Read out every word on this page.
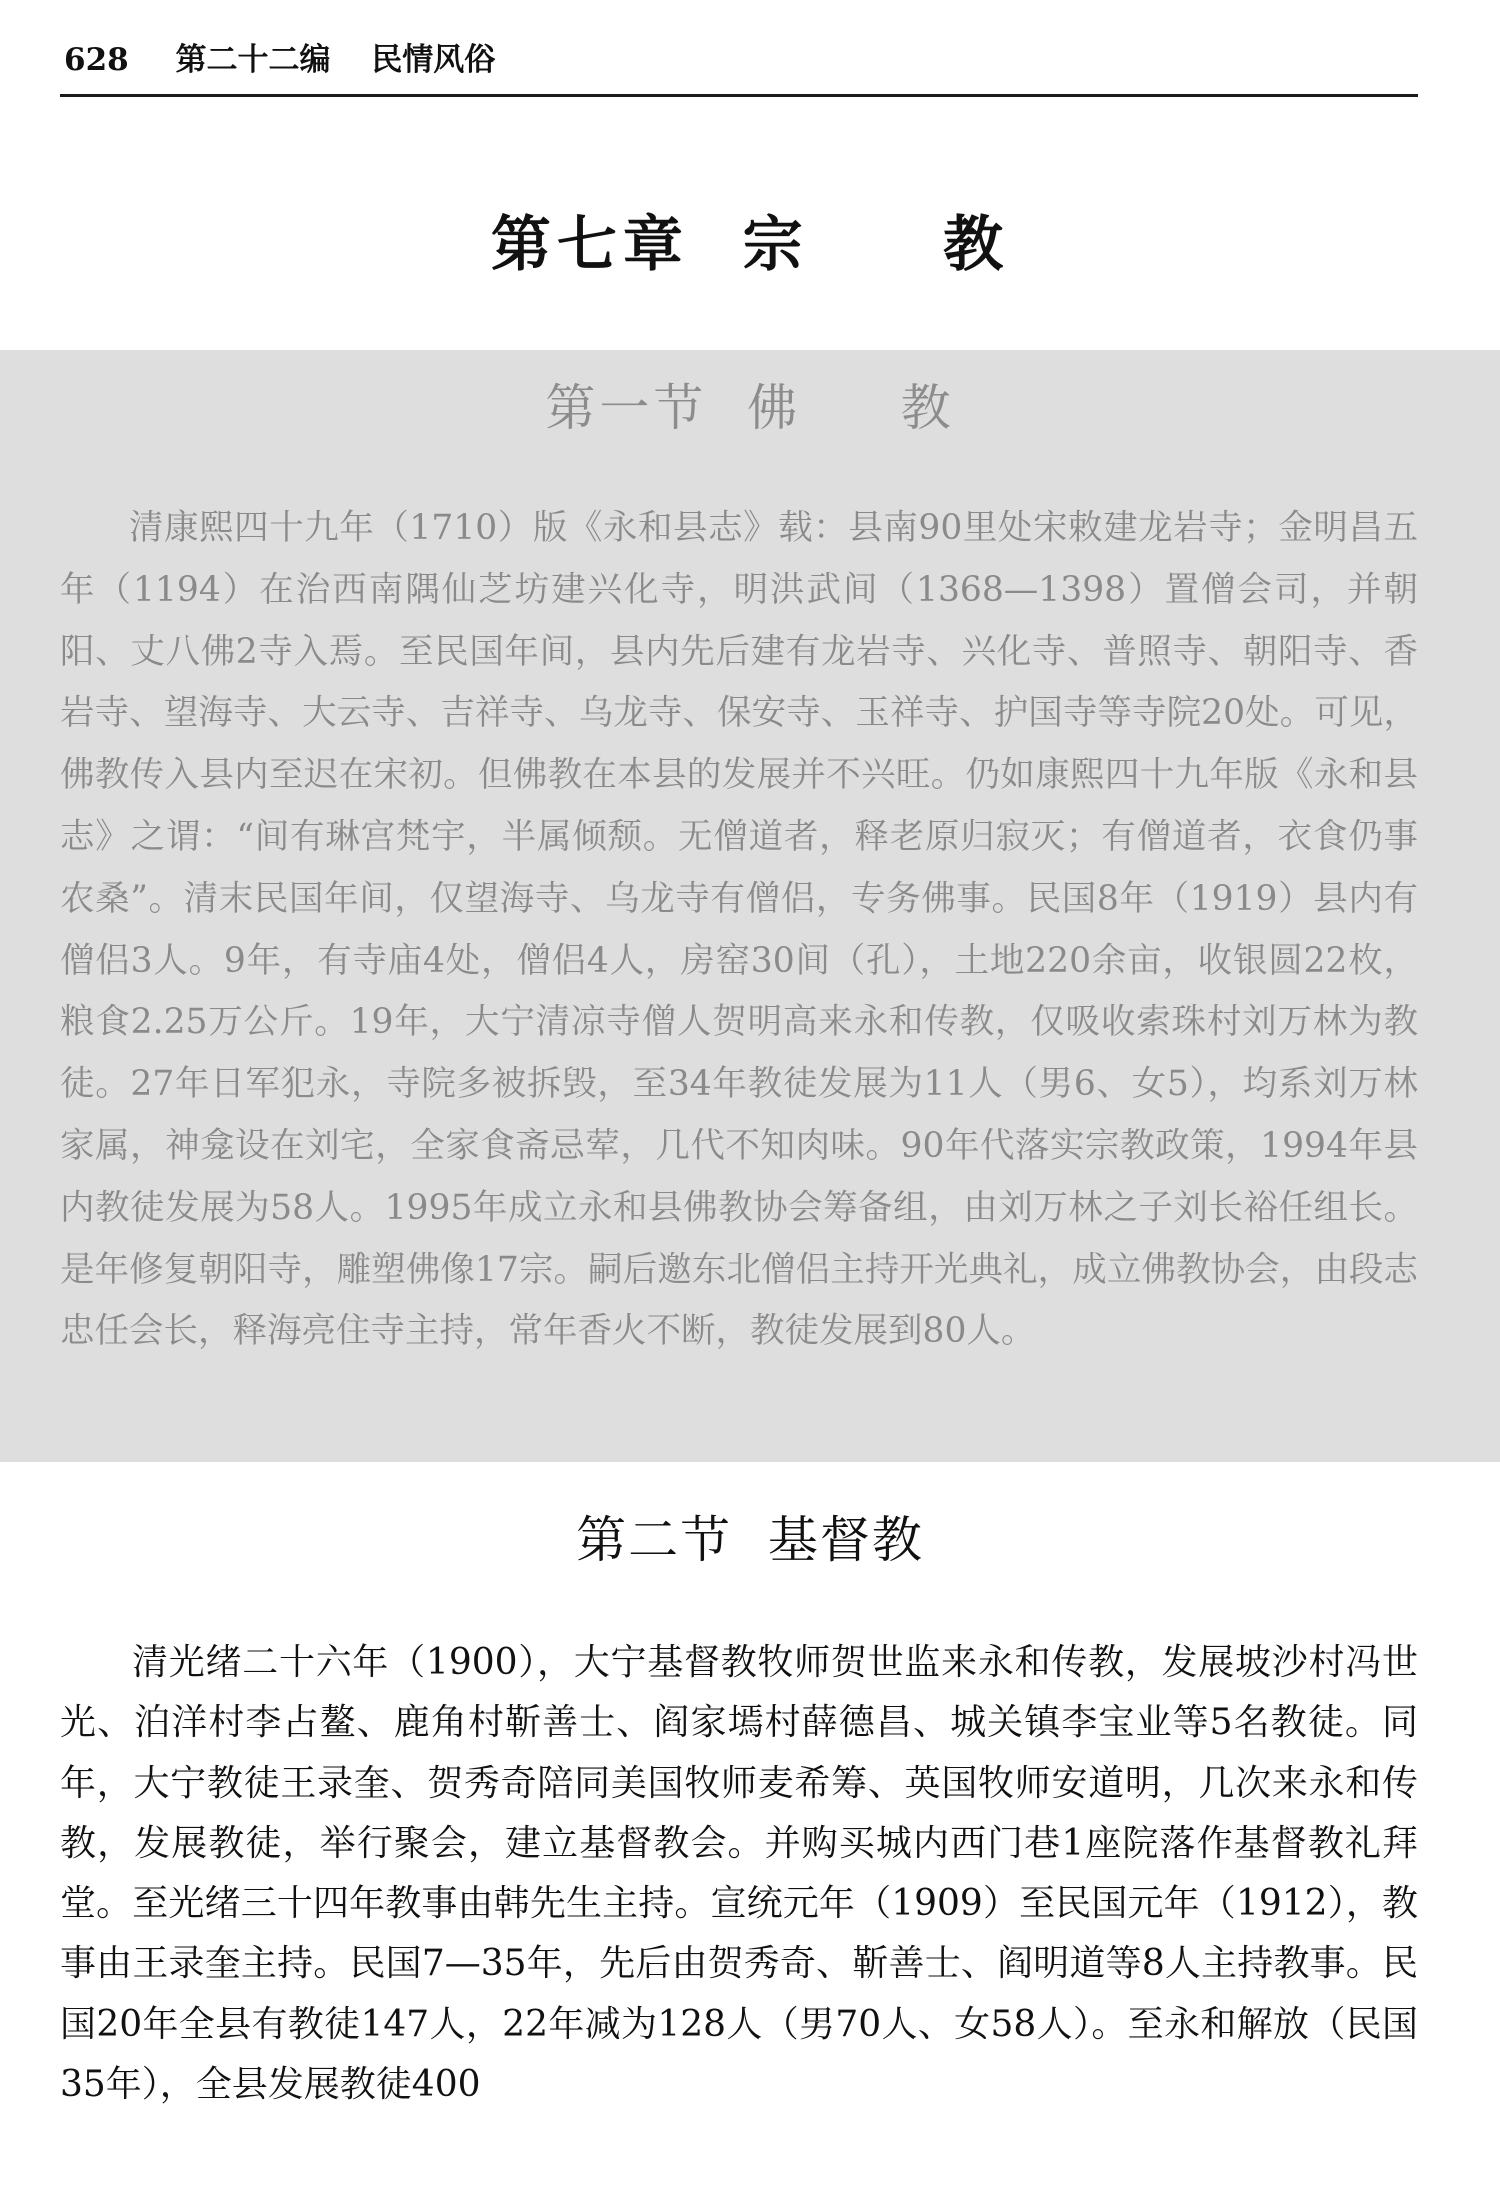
628 第二十二编 民情风俗
第七章  宗     教
第一节  佛     教

清康熙四十九年（1710）版《永和县志》载：县南90里处宋敕建龙岩寺；金明昌五年（1194）在治西南隅仙芝坊建兴化寺，明洪武间（1368—1398）置僧会司，并朝阳、丈八佛2寺入焉。至民国年间，县内先后建有龙岩寺、兴化寺、普照寺、朝阳寺、香岩寺、望海寺、大云寺、吉祥寺、乌龙寺、保安寺、玉祥寺、护国寺等寺院20处。可见，佛教传入县内至迟在宋初。但佛教在本县的发展并不兴旺。仍如康熙四十九年版《永和县志》之谓：“间有琳宫梵宇，半属倾颓。无僧道者，释老原归寂灭；有僧道者，衣食仍事农桑”。清末民国年间，仅望海寺、乌龙寺有僧侣，专务佛事。民国8年（1919）县内有僧侣3人。9年，有寺庙4处，僧侣4人，房窑30间（孔），土地220余亩，收银圆22枚，粮食2.25万公斤。19年，大宁清凉寺僧人贺明高来永和传教，仅吸收索珠村刘万林为教徒。27年日军犯永，寺院多被拆毁，至34年教徒发展为11人（男6、女5），均系刘万林家属，神龛设在刘宅，全家食斋忌荤，几代不知肉味。90年代落实宗教政策，1994年县内教徒发展为58人。1995年成立永和县佛教协会筹备组，由刘万林之子刘长裕任组长。是年修复朝阳寺，雕塑佛像17宗。嗣后邀东北僧侣主持开光典礼，成立佛教协会，由段志忠任会长，释海亮住寺主持，常年香火不断，教徒发展到80人。

第二节  基督教

清光绪二十六年（1900），大宁基督教牧师贺世监来永和传教，发展坡沙村冯世光、泊洋村李占鳌、鹿角村靳善士、阎家墕村薛德昌、城关镇李宝业等5名教徒。同年，大宁教徒王录奎、贺秀奇陪同美国牧师麦希筹、英国牧师安道明，几次来永和传教，发展教徒，举行聚会，建立基督教会。并购买城内西门巷1座院落作基督教礼拜堂。至光绪三十四年教事由韩先生主持。宣统元年（1909）至民国元年（1912），教事由王录奎主持。民国7—35年，先后由贺秀奇、靳善士、阎明道等8人主持教事。民国20年全县有教徒147人，22年减为128人（男70人、女58人）。至永和解放（民国35年），全县发展教徒400
